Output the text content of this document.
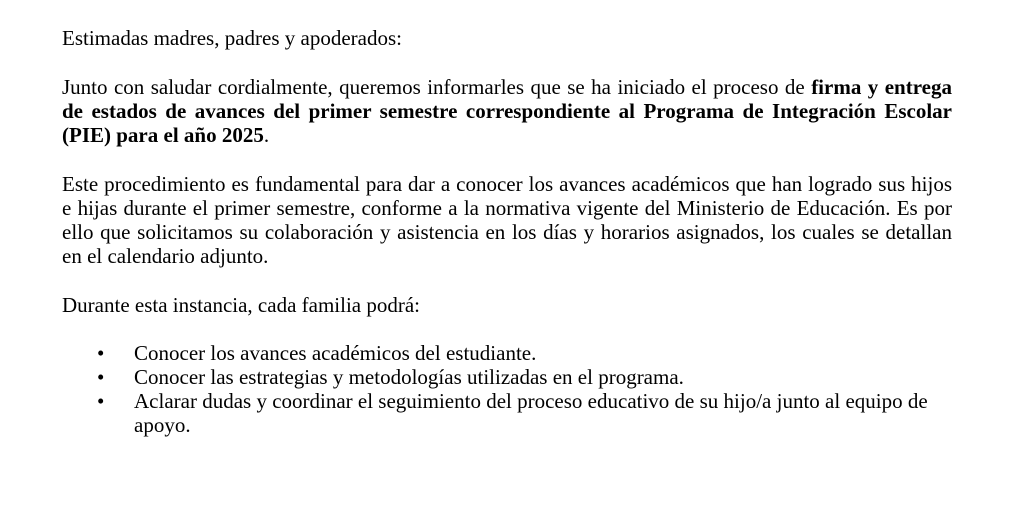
Estimadas madres, padres y apoderados:

Junto con saludar cordialmente, queremos informarles que se ha iniciado el proceso de firma y entrega de estados de avances del primer semestre correspondiente al Programa de Integración Escolar (PIE) para el año 2025.

Este procedimiento es fundamental para dar a conocer los avances académicos que han logrado sus hijos e hijas durante el primer semestre, conforme a la normativa vigente del Ministerio de Educación. Es por ello que solicitamos su colaboración y asistencia en los días y horarios asignados, los cuales se detallan en el calendario adjunto.

Durante esta instancia, cada familia podrá:

• Conocer los avances académicos del estudiante.
• Conocer las estrategias y metodologías utilizadas en el programa.
• Aclarar dudas y coordinar el seguimiento del proceso educativo de su hijo/a junto al equipo de apoyo.
